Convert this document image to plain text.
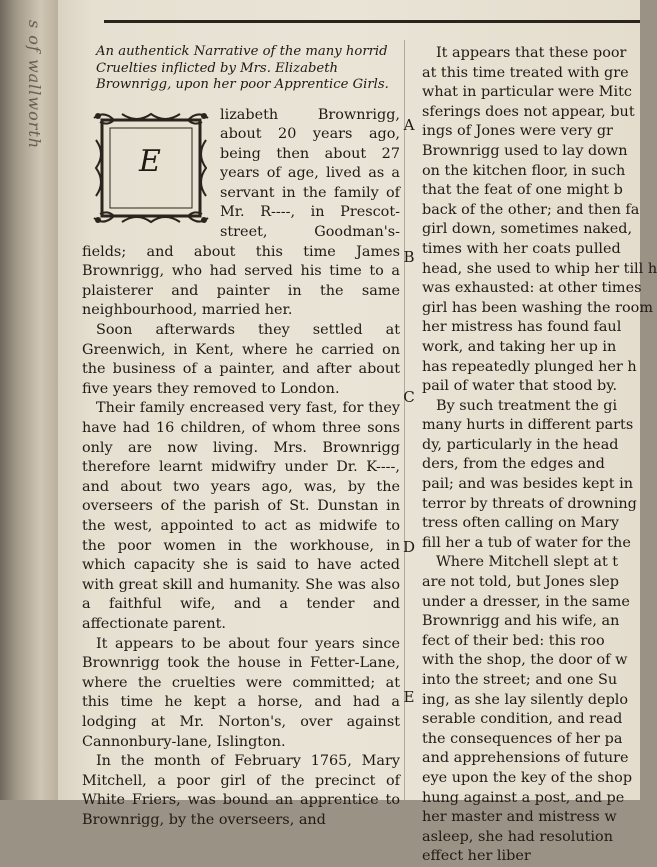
s of wallworth	An authentick Narrative of the many horrid Cruelties inflicted by Mrs. Elizabeth Brownrigg, upon her poor Apprentice Girls.
E

lizabeth Brownrigg, about 20 years ago, being then about 27 years of age, lived as a servant in the family of Mr. R----, in Prescot-street, Goodman's-fields; and about this time James Brownrigg, who had served his time to a plaisterer and painter in the same neighbourhood, married her.

Soon afterwards they settled at Greenwich, in Kent, where he carried on the business of a painter, and after about five years they removed to London.

Their family encreased very fast, for they have had 16 children, of whom three sons only are now living. Mrs. Brownrigg therefore learnt midwifry under Dr. K----, and about two years ago, was, by the overseers of the parish of St. Dunstan in the west, appointed to act as midwife to the poor women in the workhouse, in which capacity she is said to have acted with great skill and humanity. She was also a faithful wife, and a tender and affectionate parent.

It appears to be about four years since Brownrigg took the house in Fetter-Lane, where the cruelties were committed; at this time he kept a horse, and had a lodging at Mr. Norton's, over against Cannonbury-lane, Islington.

In the month of February 1765, Mary Mitchell, a poor girl of the precinct of White Friers, was bound an apprentice to Brownrigg, by the overseers, and

A
B
C
D
E
It appears that these poor
at this time treated with gre
what in particular were Mitc
sferings does not appear, but
ings of Jones were very gr
Brownrigg used to lay down
on the kitchen floor, in such
that the feat of one might b
back of the other; and then fa
girl down, sometimes naked,
times with her coats pulled
head, she used to whip her till h
was exhausted: at other times
girl has been washing the room
her mistress has found faul
work, and taking her up in
has repeatedly plunged her h
pail of water that stood by.
By such treatment the gi
many hurts in different parts
dy, particularly in the head
ders, from the edges and
pail; and was besides kept in
terror by threats of drowning
tress often calling on Mary
fill her a tub of water for the
Where Mitchell slept at t
are not told, but Jones slep
under a dresser, in the same
Brownrigg and his wife, an
fect of their bed: this roo
with the shop, the door of w
into the street; and one Su
ing, as she lay silently deplo
serable condition, and read
the consequences of her pa
and apprehensions of future
eye upon the key of the shop
hung against a post, and pe
her master and mistress w
asleep, she had resolution
effect her liber
